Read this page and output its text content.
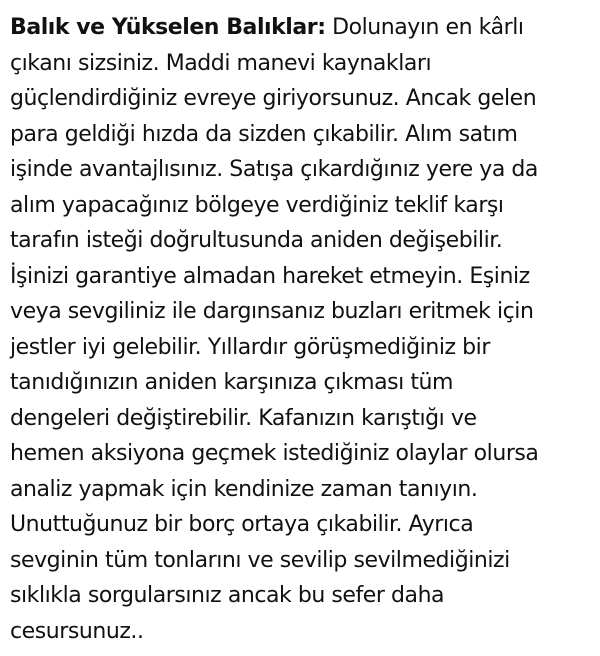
Balık ve Yükselen Balıklar: Dolunayın en kârlı
çıkanı sizsiniz. Maddi manevi kaynakları
güçlendirdiğiniz evreye giriyorsunuz. Ancak gelen
para geldiği hızda da sizden çıkabilir. Alım satım
işinde avantajlısınız. Satışa çıkardığınız yere ya da
alım yapacağınız bölgeye verdiğiniz teklif karşı
tarafın isteği doğrultusunda aniden değişebilir.
İşinizi garantiye almadan hareket etmeyin. Eşiniz
veya sevgiliniz ile dargınsanız buzları eritmek için
jestler iyi gelebilir. Yıllardır görüşmediğiniz bir
tanıdığınızın aniden karşınıza çıkması tüm
dengeleri değiştirebilir. Kafanızın karıştığı ve
hemen aksiyona geçmek istediğiniz olaylar olursa
analiz yapmak için kendinize zaman tanıyın.
Unuttuğunuz bir borç ortaya çıkabilir. Ayrıca
sevginin tüm tonlarını ve sevilip sevilmediğinizi
sıklıkla sorgularsınız ancak bu sefer daha
cesursunuz..
